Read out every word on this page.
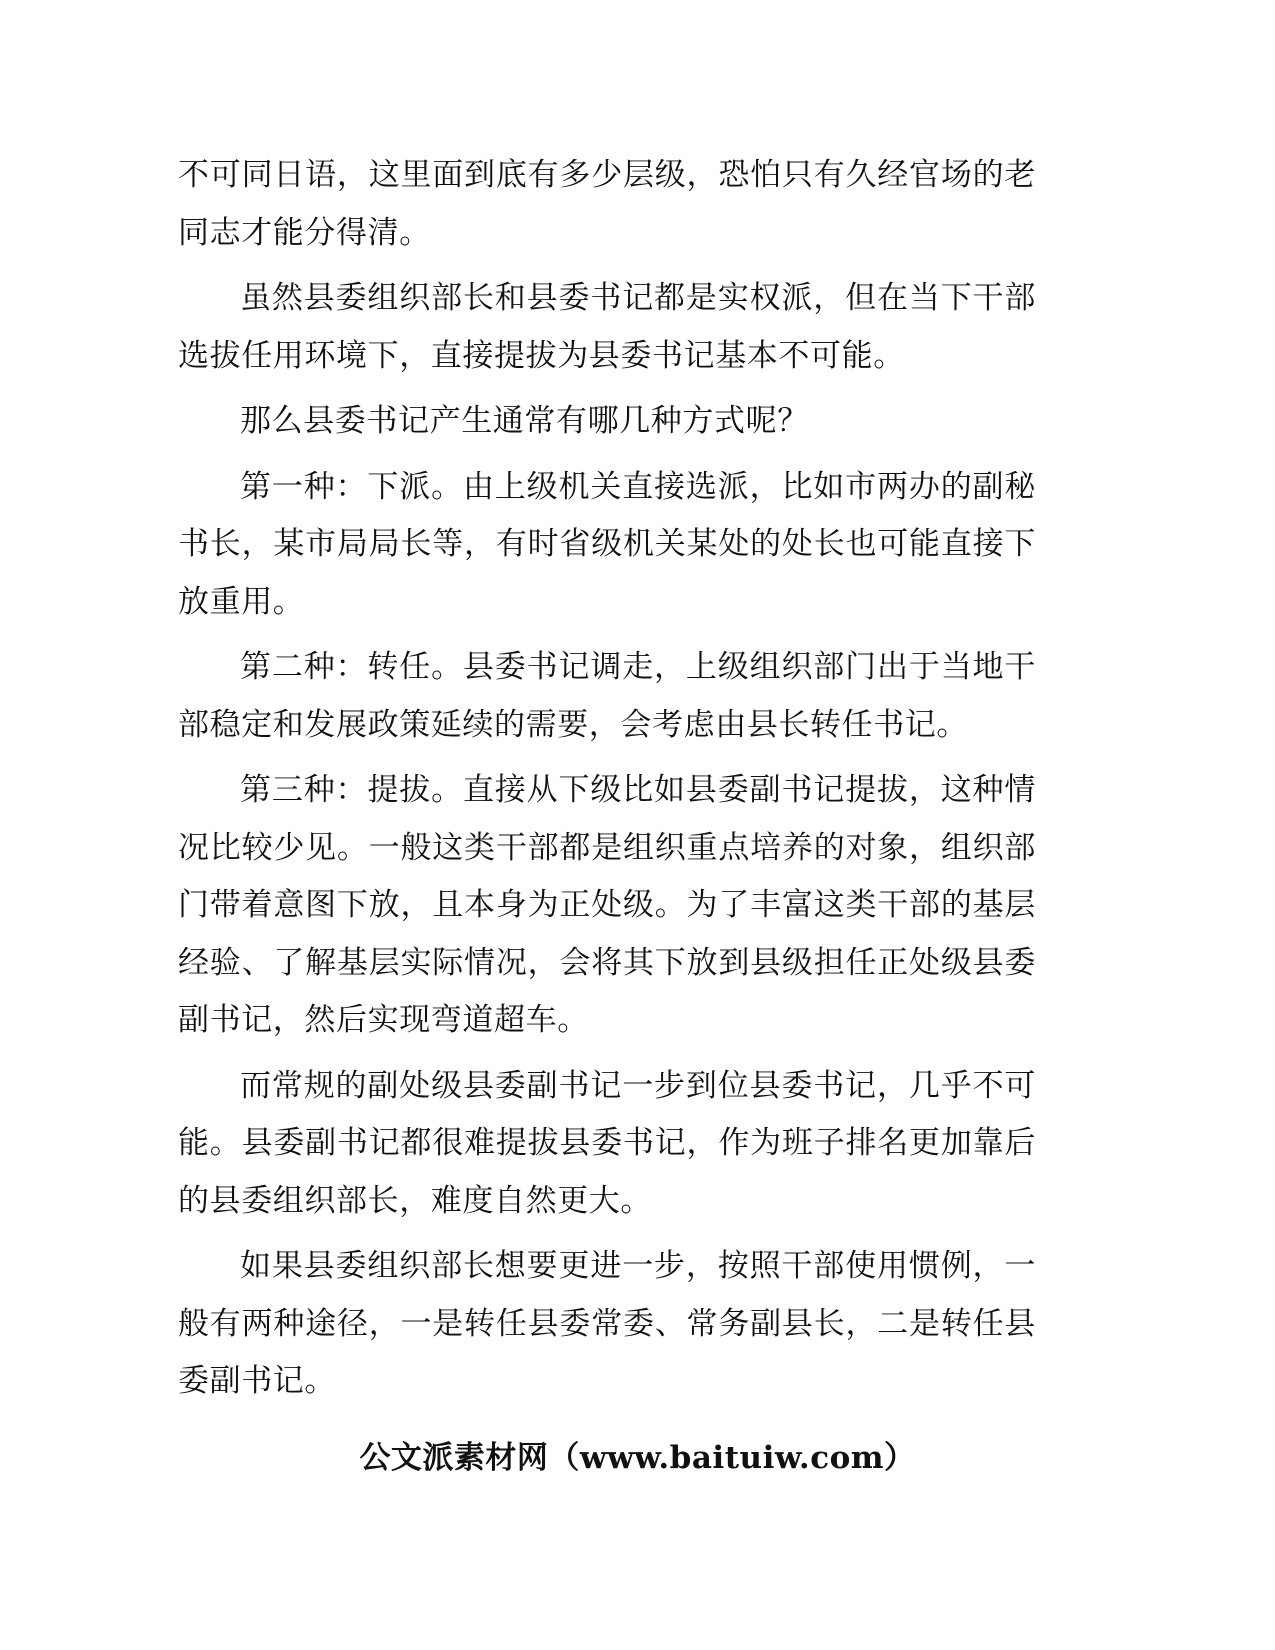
不可同日语，这里面到底有多少层级，恐怕只有久经官场的老同志才能分得清。

虽然县委组织部长和县委书记都是实权派，但在当下干部选拔任用环境下，直接提拔为县委书记基本不可能。

那么县委书记产生通常有哪几种方式呢？

第一种：下派。由上级机关直接选派，比如市两办的副秘书长，某市局局长等，有时省级机关某处的处长也可能直接下放重用。

第二种：转任。县委书记调走，上级组织部门出于当地干部稳定和发展政策延续的需要，会考虑由县长转任书记。

第三种：提拔。直接从下级比如县委副书记提拔，这种情况比较少见。一般这类干部都是组织重点培养的对象，组织部门带着意图下放，且本身为正处级。为了丰富这类干部的基层经验、了解基层实际情况，会将其下放到县级担任正处级县委副书记，然后实现弯道超车。

而常规的副处级县委副书记一步到位县委书记，几乎不可能。县委副书记都很难提拔县委书记，作为班子排名更加靠后的县委组织部长，难度自然更大。

如果县委组织部长想要更进一步，按照干部使用惯例，一般有两种途径，一是转任县委常委、常务副县长，二是转任县委副书记。

公文派素材网（www.baituiw.com）
